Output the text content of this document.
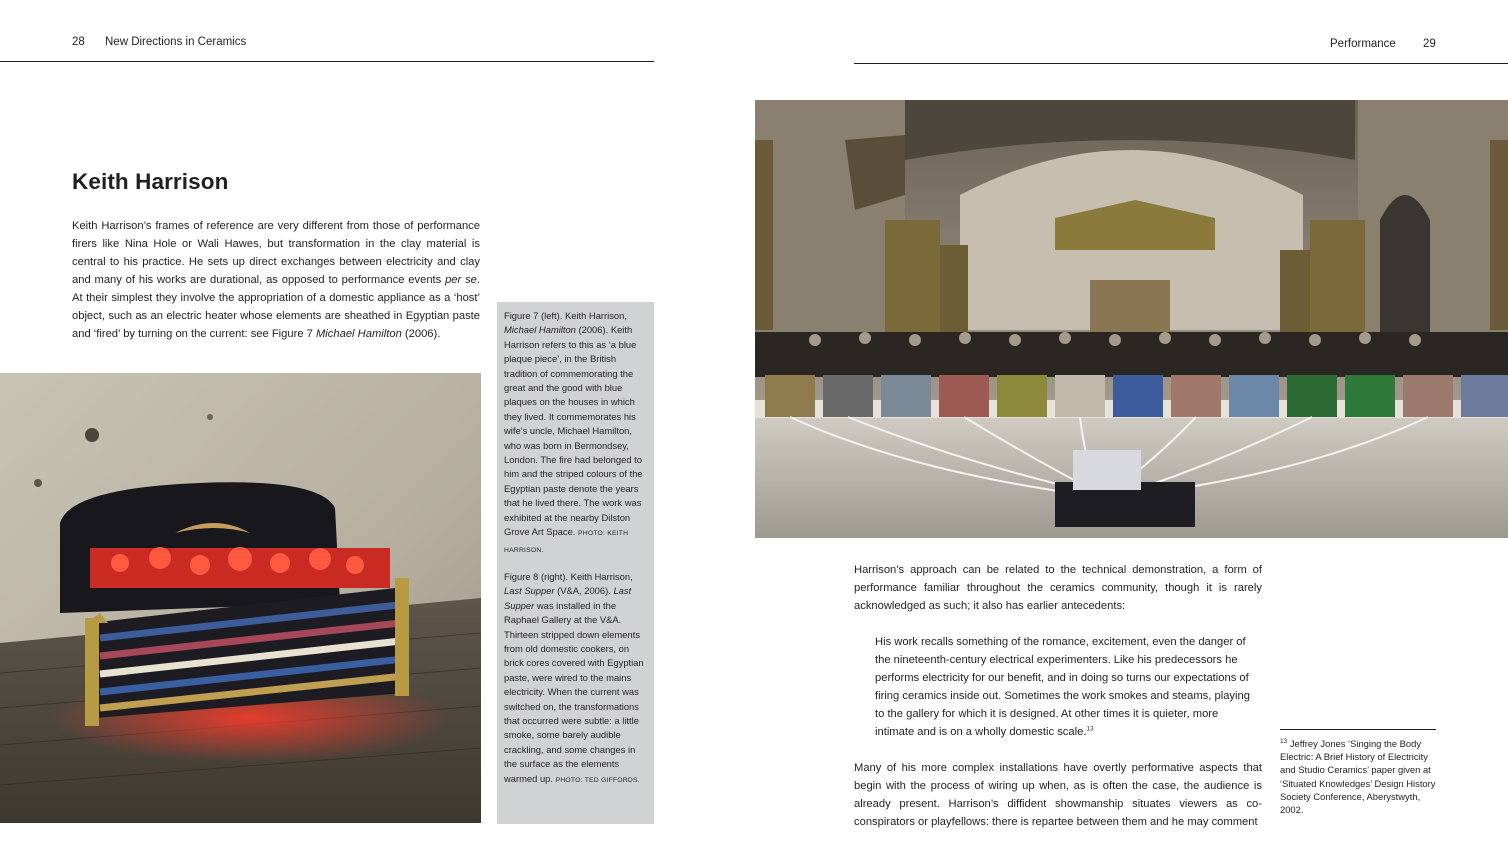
28 New Directions in Ceramics
Keith Harrison

Keith Harrison’s frames of reference are very different from those of performance firers like Nina Hole or Wali Hawes, but transformation in the clay material is central to his practice. He sets up direct exchanges between electricity and clay and many of his works are durational, as opposed to performance events per se. At their simplest they involve the appropriation of a domestic appliance as a ‘host’ object, such as an electric heater whose elements are sheathed in Egyptian paste and ‘fired’ by turning on the current: see Figure 7 Michael Hamilton (2006).

Figure 7 (left). Keith Harrison, Michael Hamilton (2006). Keith Harrison refers to this as ‘a blue plaque piece’, in the British tradition of commemorating the great and the good with blue plaques on the houses in which they lived. It commemorates his wife’s uncle, Michael Hamilton, who was born in Bermondsey, London. The fire had belonged to him and the striped colours of the Egyptian paste denote the years that he lived there. The work was exhibited at the nearby Dilston Grove Art Space. PHOTO: KEITH HARRISON.

Figure 8 (right). Keith Harrison, Last Supper (V&A, 2006). Last Supper was installed in the Raphael Gallery at the V&A. Thirteen stripped down elements from old domestic cookers, on brick cores covered with Egyptian paste, were wired to the mains electricity. When the current was switched on, the transformations that occurred were subtle: a little smoke, some barely audible crackling, and some changes in the surface as the elements warmed up. PHOTO: TED GIFFORDS.

Performance 29
Harrison’s approach can be related to the technical demonstration, a form of performance familiar throughout the ceramics community, though it is rarely acknowledged as such; it also has earlier antecedents:
His work recalls something of the romance, excitement, even the danger of the nineteenth-century electrical experimenters. Like his predecessors he performs electricity for our benefit, and in doing so turns our expectations of firing ceramics inside out. Sometimes the work smokes and steams, playing to the gallery for which it is designed. At other times it is quieter, more intimate and is on a wholly domestic scale.$^{13}$
Many of his more complex installations have overtly performative aspects that begin with the process of wiring up when, as is often the case, the audience is already present. Harrison’s diffident showmanship situates viewers as co-conspirators or playfellows: there is repartee between them and he may comment
$^{13}$ Jeffrey Jones ‘Singing the Body Electric: A Brief History of Electricity and Studio Ceramics’ paper given at ‘Situated Knowledges’ Design History Society Conference, Aberystwyth, 2002.
